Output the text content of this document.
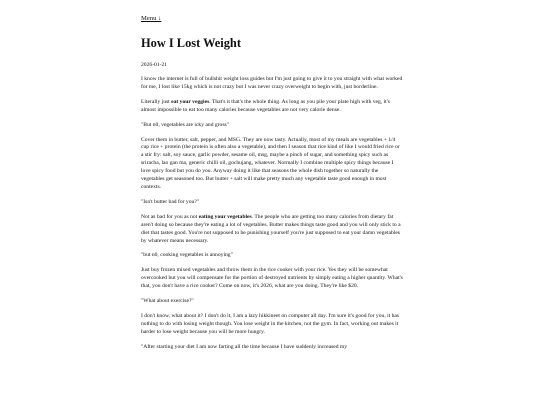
Menu ↓
How I Lost Weight
2026-01-21

I know the internet is full of bullshit weight loss guides but I'm just going to give it to you straight with what worked for me, I lost like 15kg which is not crazy but I was never crazy overweight to begin with, just borderline.

Literally just eat your veggies. That's it that's the whole thing. As long as you pile your plate high with veg, it's almost impossible to eat too many calories because vegetables are not very calorie dense.

"But n0, vegetables are icky and gross"

Cover them in butter, salt, pepper, and MSG. They are now tasty. Actually, most of my meals are vegetables + 1/4 cup rice + protein (the protein is often also a vegetable), and then I season that rice kind of like I would fried rice or a stir fry: salt, soy sauce, garlic powder, sesame oil, msg, maybe a pinch of sugar, and something spicy such as sriracha, lao gan ma, generic chilli oil, gochujang, whatever. Normally I combine multiple spicy things because I love spicy food but you do you. Anyway doing it like that seasons the whole dish together so naturally the vegetables get seasoned too. But butter + salt will make pretty much any vegetable taste good enough in most contexts.

"Isn't butter bad for you?"

Not as bad for you as not eating your vegetables. The people who are getting too many calories from dietary fat aren't doing so because they're eating a lot of vegetables. Butter makes things taste good and you will only stick to a diet that tastes good. You're not supposed to be punishing yourself you're just supposed to eat your damn vegetables by whatever means necessary.

"but n0, cooking vegetables is annoying"

Just buy frozen mixed vegetables and throw them in the rice cooker with your rice. Yes they will be somewhat overcooked but you will compensate for the portion of destroyed nutrients by simply eating a higher quantity. What's that, you don't have a rice cooker? Come on now, it's 2026, what are you doing. They're like $20.

"What about exercise?"

I don't know, what about it? I don't do it, I am a lazy hikkineet on computer all day. I'm sure it's good for you, it has nothing to do with losing weight though. You lose weight in the kitchen, not the gym. In fact, working out makes it harder to lose weight because you will be more hungry.

"After starting your diet I am now farting all the time because I have suddenly increased my
